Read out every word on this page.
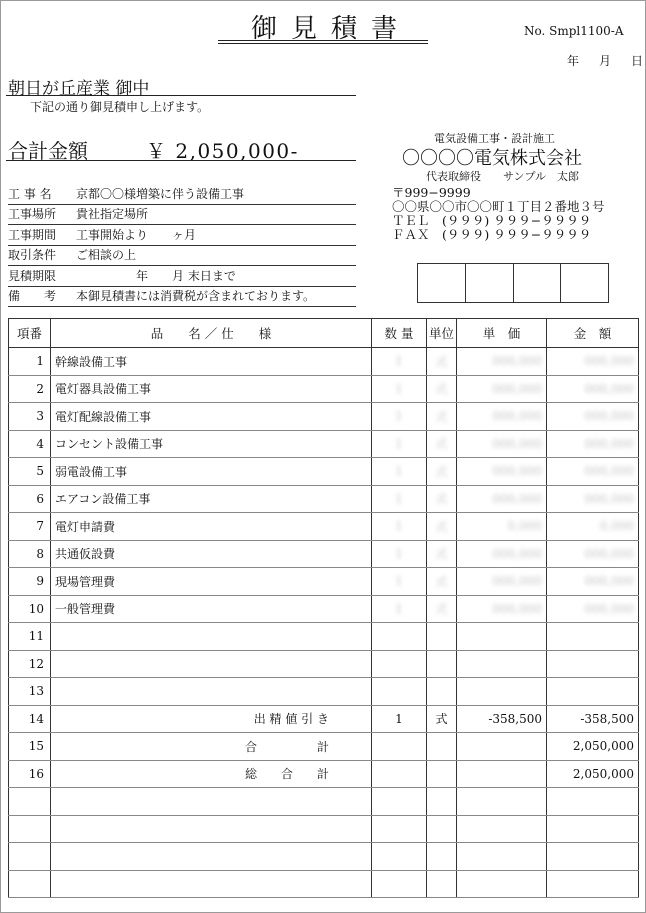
御見積書	No. Smpl1100-A
年 月 日
朝日が丘産業 御中
下記の通り御見積申し上げます。
合計金額	￥ 2,050,000-
工 事 名	京都〇〇様増築に伴う設備工事
工事場所	貴社指定場所
工事期間	工事開始より　　ヶ月
取引条件	ご相談の上
見積期限	　　　　　年　　月 末日まで
備　　考	本御見積書には消費税が含まれております。
電気設備工事・設計施工
〇〇〇〇電気株式会社
代表取締役　　サンプル　太郎
〒999−9999
〇〇県〇〇市〇〇町１丁目２番地３号
ＴＥＬ　(９９９) ９９９−９９９９
ＦＡＸ　(９９９) ９９９−９９９９
項番	品　　名 ／ 仕　　様	数 量	単位	単　価	金　額
1	幹線設備工事	1	式	000,000	000,000
2	電灯器具設備工事	1	式	000,000	000,000
3	電灯配線設備工事	1	式	000,000	000,000
4	コンセント設備工事	1	式	000,000	000,000
5	弱電設備工事	1	式	000,000	000,000
6	エアコン設備工事	1	式	000,000	000,000
7	電灯申請費	1	式	0,000	0,000
8	共通仮設費	1	式	000,000	000,000
9	現場管理費	1	式	000,000	000,000
10	一般管理費	1	式	000,000	000,000
11					
12					
13					
14	出 精 値 引 き	1	式	-358,500	-358,500
15	合　　　　　計				2,050,000
16	総　　合　　計				2,050,000
